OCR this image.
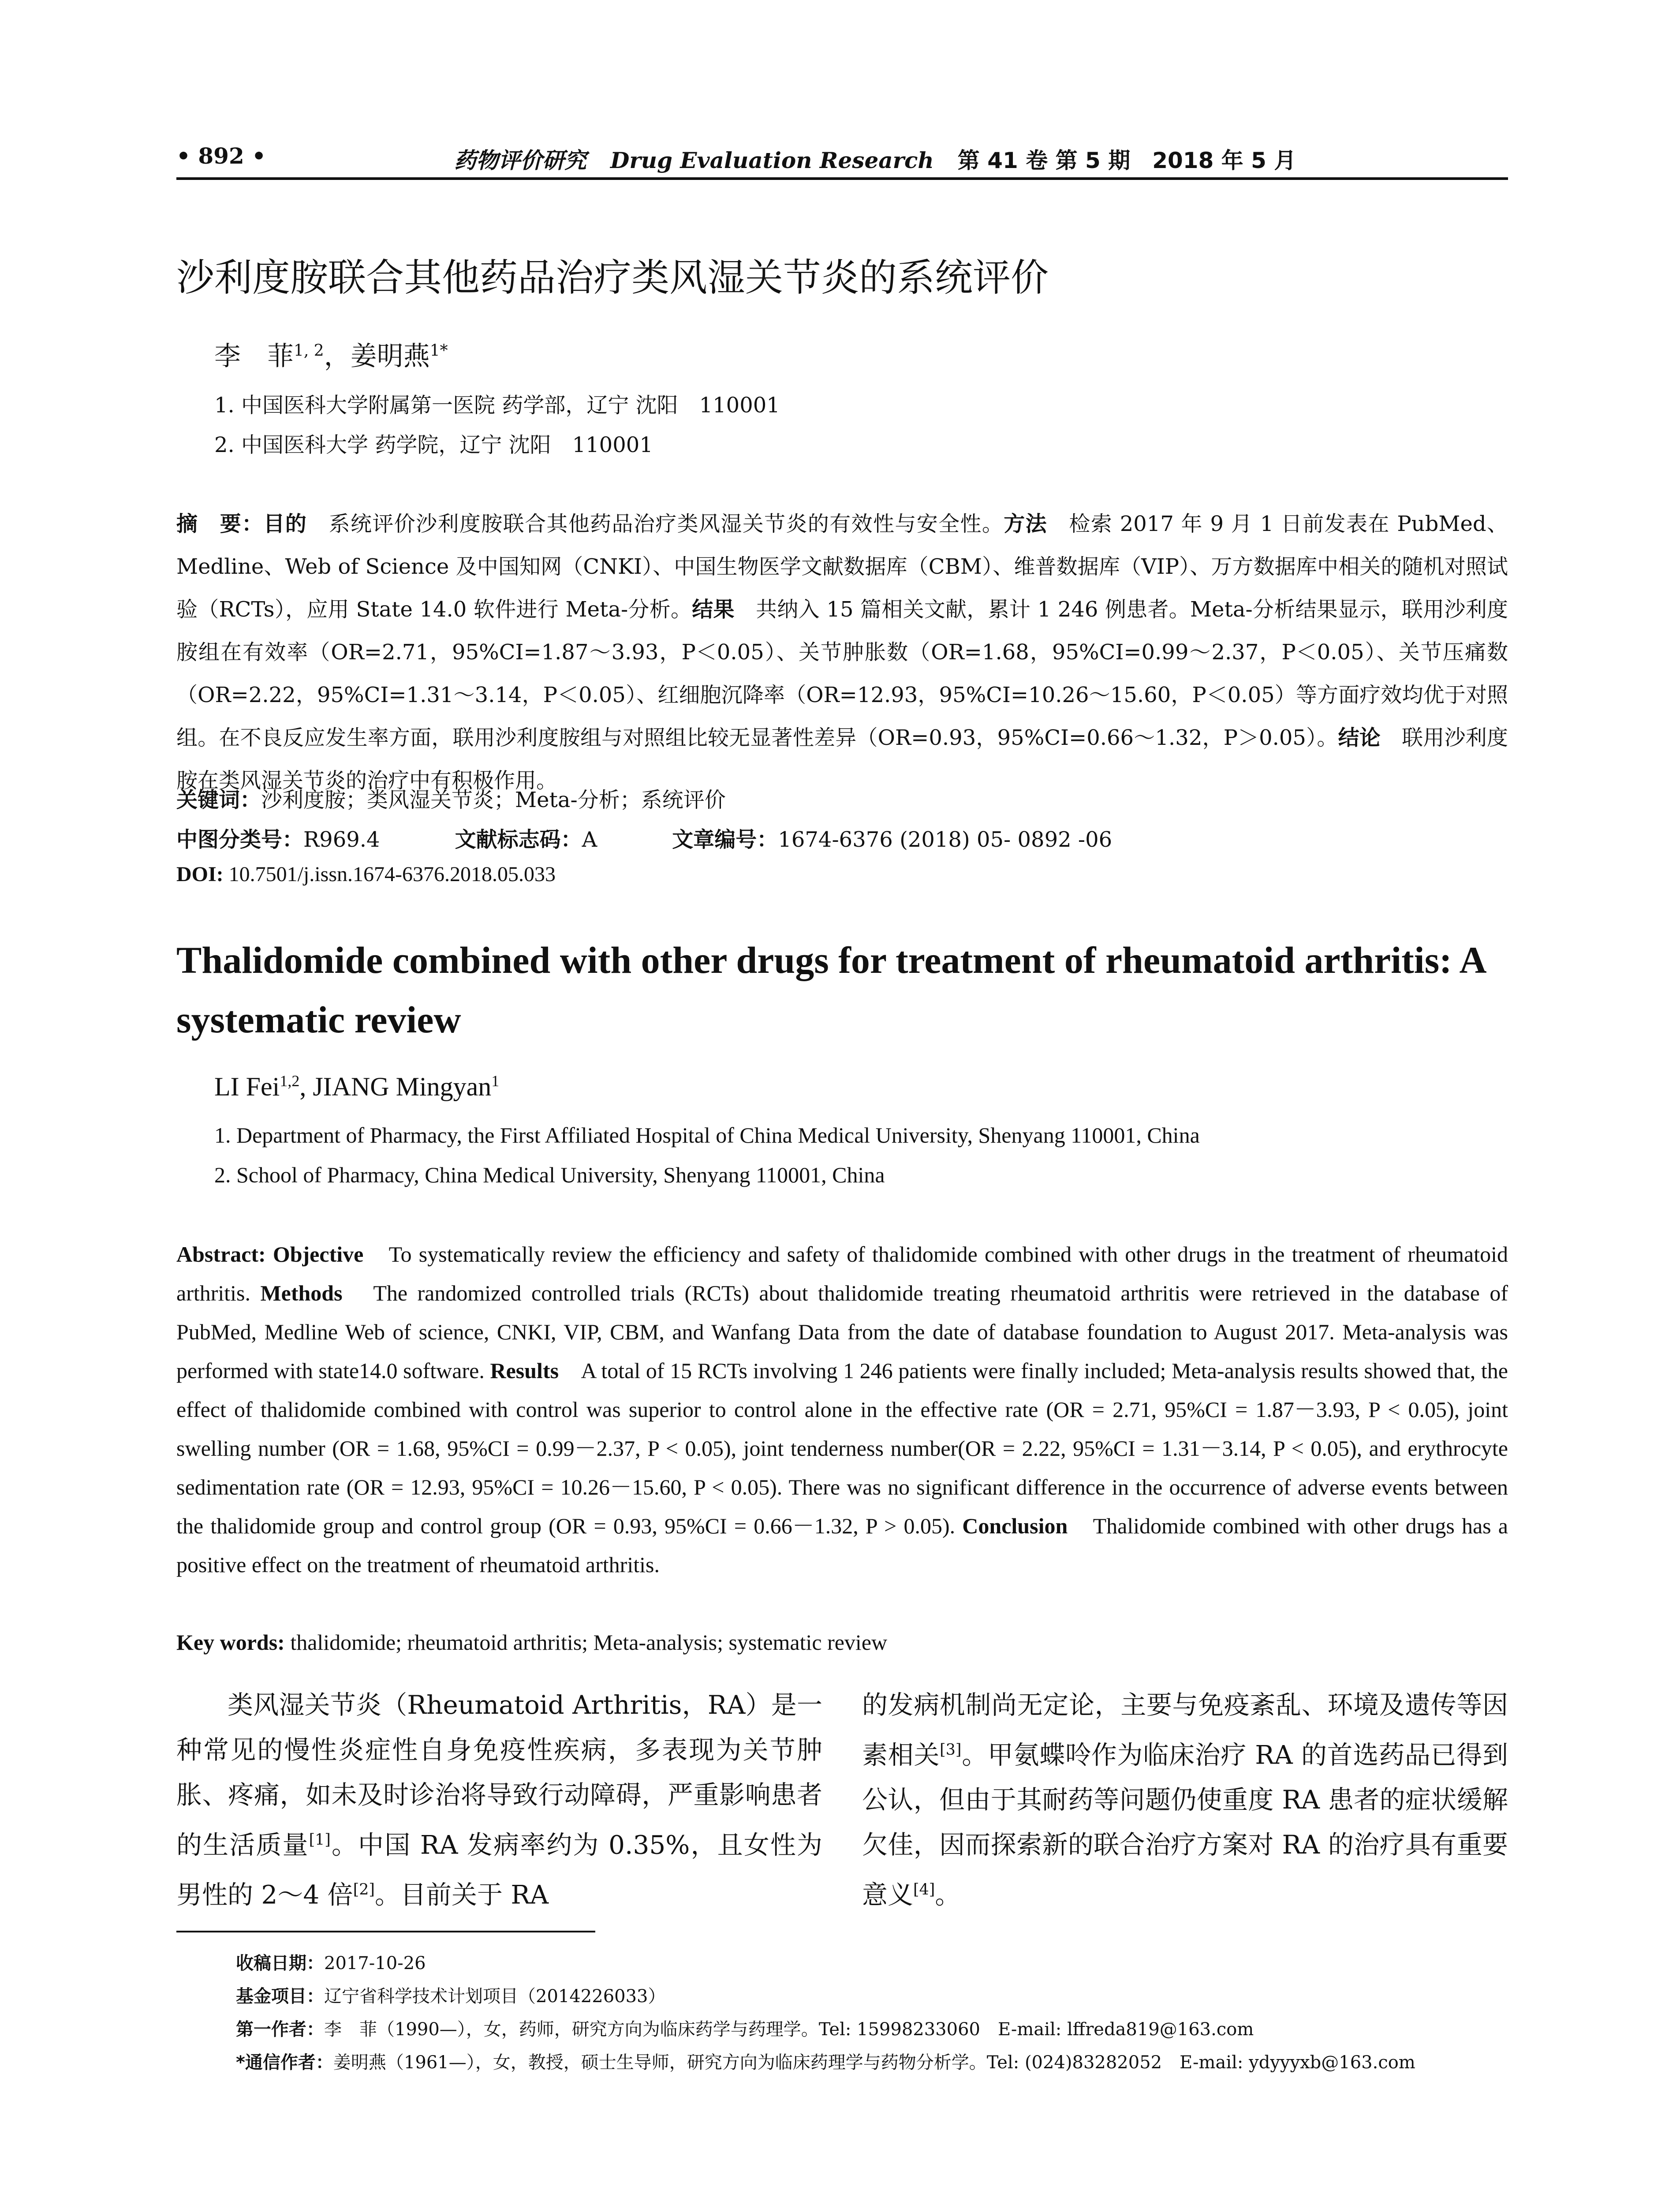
• 892 •	药物评价研究 Drug Evaluation Research 第 41 卷 第 5 期　2018 年 5 月
沙利度胺联合其他药品治疗类风湿关节炎的系统评价
李　菲$^{1, 2}$，姜明燕$^{1*}$
1. 中国医科大学附属第一医院 药学部，辽宁 沈阳　110001
2. 中国医科大学 药学院，辽宁 沈阳　110001
摘　要：目的　系统评价沙利度胺联合其他药品治疗类风湿关节炎的有效性与安全性。方法　检索 2017 年 9 月 1 日前发表在 PubMed、Medline、Web of Science 及中国知网（CNKI）、中国生物医学文献数据库（CBM）、维普数据库（VIP）、万方数据库中相关的随机对照试验（RCTs），应用 State 14.0 软件进行 Meta-分析。结果　共纳入 15 篇相关文献，累计 1 246 例患者。Meta-分析结果显示，联用沙利度胺组在有效率（OR=2.71，95%CI=1.87～3.93，P＜0.05）、关节肿胀数（OR=1.68，95%CI=0.99～2.37，P＜0.05）、关节压痛数（OR=2.22，95%CI=1.31～3.14，P＜0.05）、红细胞沉降率（OR=12.93，95%CI=10.26～15.60，P＜0.05）等方面疗效均优于对照组。在不良反应发生率方面，联用沙利度胺组与对照组比较无显著性差异（OR=0.93，95%CI=0.66～1.32，P＞0.05）。结论　联用沙利度胺在类风湿关节炎的治疗中有积极作用。
关键词：沙利度胺；类风湿关节炎；Meta-分析；系统评价
中图分类号：R969.4	文献标志码：A	文章编号：1674-6376 (2018) 05- 0892 -06
DOI: 10.7501/j.issn.1674-6376.2018.05.033
Thalidomide combined with other drugs for treatment of rheumatoid arthritis: A systematic review
LI Fei$^{1,2}$, JIANG Mingyan$^1$
1. Department of Pharmacy, the First Affiliated Hospital of China Medical University, Shenyang 110001, China
2. School of Pharmacy, China Medical University, Shenyang 110001, China
Abstract: Objective　To systematically review the efficiency and safety of thalidomide combined with other drugs in the treatment of rheumatoid arthritis. Methods　The randomized controlled trials (RCTs) about thalidomide treating rheumatoid arthritis were retrieved in the database of PubMed, Medline Web of science, CNKI, VIP, CBM, and Wanfang Data from the date of database foundation to August 2017. Meta-analysis was performed with state14.0 software. Results　A total of 15 RCTs involving 1 246 patients were finally included; Meta-analysis results showed that, the effect of thalidomide combined with control was superior to control alone in the effective rate (OR = 2.71, 95%CI = 1.87－3.93, P < 0.05), joint swelling number (OR = 1.68, 95%CI = 0.99－2.37, P < 0.05), joint tenderness number(OR = 2.22, 95%CI = 1.31－3.14, P < 0.05), and erythrocyte sedimentation rate (OR = 12.93, 95%CI = 10.26－15.60, P < 0.05). There was no significant difference in the occurrence of adverse events between the thalidomide group and control group (OR = 0.93, 95%CI = 0.66－1.32, P > 0.05). Conclusion　Thalidomide combined with other drugs has a positive effect on the treatment of rheumatoid arthritis.
Key words: thalidomide; rheumatoid arthritis; Meta-analysis; systematic review
类风湿关节炎（Rheumatoid Arthritis，RA）是一种常见的慢性炎症性自身免疫性疾病，多表现为关节肿胀、疼痛，如未及时诊治将导致行动障碍，严重影响患者的生活质量[1]。中国 RA 发病率约为 0.35%，且女性为男性的 2～4 倍[2]。目前关于 RA
的发病机制尚无定论，主要与免疫紊乱、环境及遗传等因素相关[3]。甲氨蝶呤作为临床治疗 RA 的首选药品已得到公认，但由于其耐药等问题仍使重度 RA 患者的症状缓解欠佳，因而探索新的联合治疗方案对 RA 的治疗具有重要意义[4]。
收稿日期：2017-10-26
基金项目：辽宁省科学技术计划项目（2014226033）
第一作者：李　菲（1990—），女，药师，研究方向为临床药学与药理学。Tel: 15998233060　E-mail: lffreda819@163.com
*通信作者：姜明燕（1961—），女，教授，硕士生导师，研究方向为临床药理学与药物分析学。Tel: (024)83282052　E-mail: ydyyyxb@163.com
